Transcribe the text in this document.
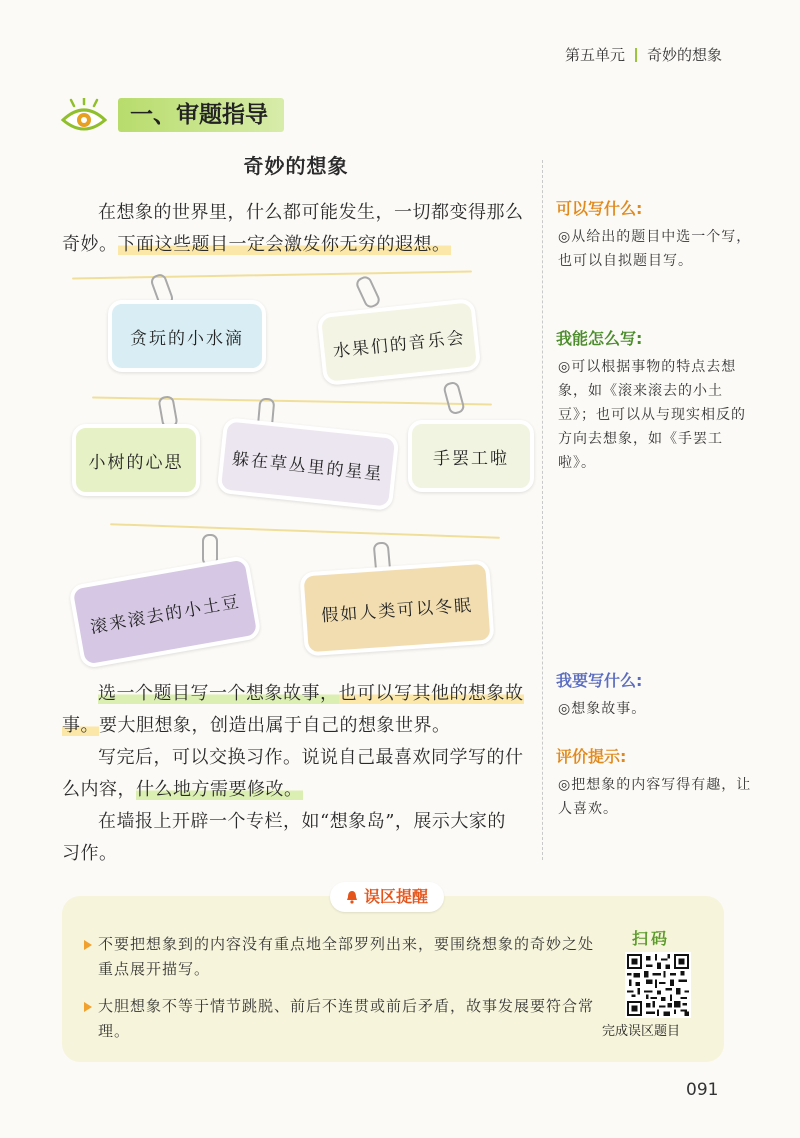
第五单元 奇妙的想象
一、审题指导
奇妙的想象

在想象的世界里，什么都可能发生，一切都变得那么奇妙。下面这些题目一定会激发你无穷的遐想。

贪玩的小水滴	水果们的音乐会
小树的心思	躲在草丛里的星星	手罢工啦
滚来滚去的小土豆	假如人类可以冬眠

选一个题目写一个想象故事，也可以写其他的想象故事。要大胆想象，创造出属于自己的想象世界。

写完后，可以交换习作。说说自己最喜欢同学写的什么内容，什么地方需要修改。

在墙报上开辟一个专栏，如“想象岛”，展示大家的习作。

可以写什么:
◎从给出的题目中选一个写，也可以自拟题目写。
我能怎么写:
◎可以根据事物的特点去想象，如《滚来滚去的小土豆》；也可以从与现实相反的方向去想象，如《手罢工啦》。
我要写什么:
◎想象故事。
评价提示:
◎把想象的内容写得有趣，让人喜欢。
误区提醒
不要把想象到的内容没有重点地全部罗列出来，要围绕想象的奇妙之处重点展开描写。
大胆想象不等于情节跳脱、前后不连贯或前后矛盾，故事发展要符合常理。
扫码
完成误区题目
091
